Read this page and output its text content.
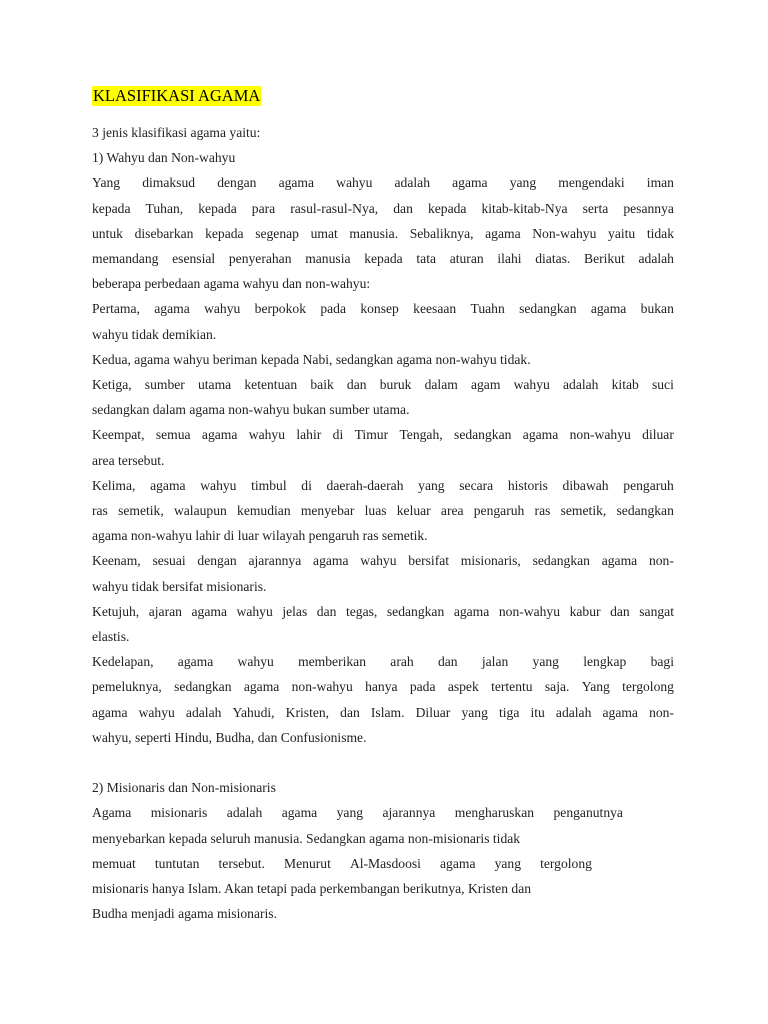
KLASIFIKASI AGAMA

3 jenis klasifikasi agama yaitu:

1) Wahyu dan Non-wahyu

Yang dimaksud dengan agama wahyu adalah agama yang mengendaki iman

kepada Tuhan, kepada para rasul-rasul-Nya, dan kepada kitab-kitab-Nya serta pesannya

untuk disebarkan kepada segenap umat manusia. Sebaliknya, agama Non-wahyu yaitu tidak

memandang esensial penyerahan manusia kepada tata aturan ilahi diatas. Berikut adalah

beberapa perbedaan agama wahyu dan non-wahyu:

Pertama, agama wahyu berpokok pada konsep keesaan Tuahn sedangkan agama bukan

wahyu tidak demikian.

Kedua, agama wahyu beriman kepada Nabi, sedangkan agama non-wahyu tidak.

Ketiga, sumber utama ketentuan baik dan buruk dalam agam wahyu adalah kitab suci

sedangkan dalam agama non-wahyu bukan sumber utama.

Keempat, semua agama wahyu lahir di Timur Tengah, sedangkan agama non-wahyu diluar

area tersebut.

Kelima, agama wahyu timbul di daerah-daerah yang secara historis dibawah pengaruh

ras semetik, walaupun kemudian menyebar luas keluar area pengaruh ras semetik, sedangkan

agama non-wahyu lahir di luar wilayah pengaruh ras semetik.

Keenam, sesuai dengan ajarannya agama wahyu bersifat misionaris, sedangkan agama non-

wahyu tidak bersifat misionaris.

Ketujuh, ajaran agama wahyu jelas dan tegas, sedangkan agama non-wahyu kabur dan sangat

elastis.

Kedelapan, agama wahyu memberikan arah dan jalan yang lengkap bagi

pemeluknya, sedangkan agama non-wahyu hanya pada aspek tertentu saja. Yang tergolong

agama wahyu adalah Yahudi, Kristen, dan Islam. Diluar yang tiga itu adalah agama non-

wahyu, seperti Hindu, Budha, dan Confusionisme.

2) Misionaris dan Non-misionaris

Agama misionaris adalah agama yang ajarannya mengharuskan penganutnya

menyebarkan kepada seluruh manusia. Sedangkan agama non-misionaris tidak

memuat tuntutan tersebut. Menurut Al-Masdoosi agama yang tergolong

misionaris hanya Islam. Akan tetapi pada perkembangan berikutnya, Kristen dan

Budha menjadi agama misionaris.
